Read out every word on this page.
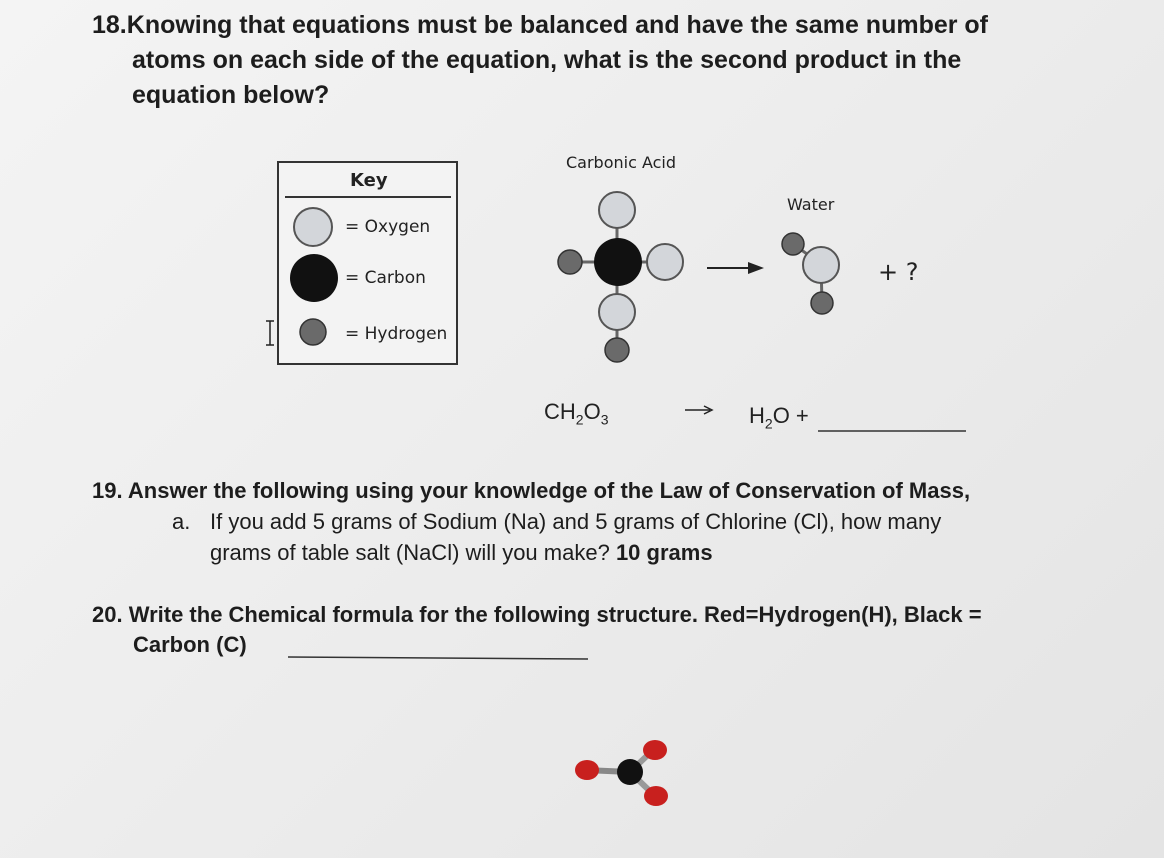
18.Knowing that equations must be balanced and have the same number of
atoms on each side of the equation, what is the second product in the
equation below?
Key
= Oxygen
= Carbon
= Hydrogen
Carbonic Acid
Water
+ ?
$CH_2O_3$	$H_2O$ +
19. Answer the following using your knowledge of the Law of Conservation of Mass,
a. If you add 5 grams of Sodium (Na) and 5 grams of Chlorine (Cl), how many
grams of table salt (NaCl) will you make? 10 grams
20. Write the Chemical formula for the following structure. Red=Hydrogen(H), Black =
Carbon (C)
